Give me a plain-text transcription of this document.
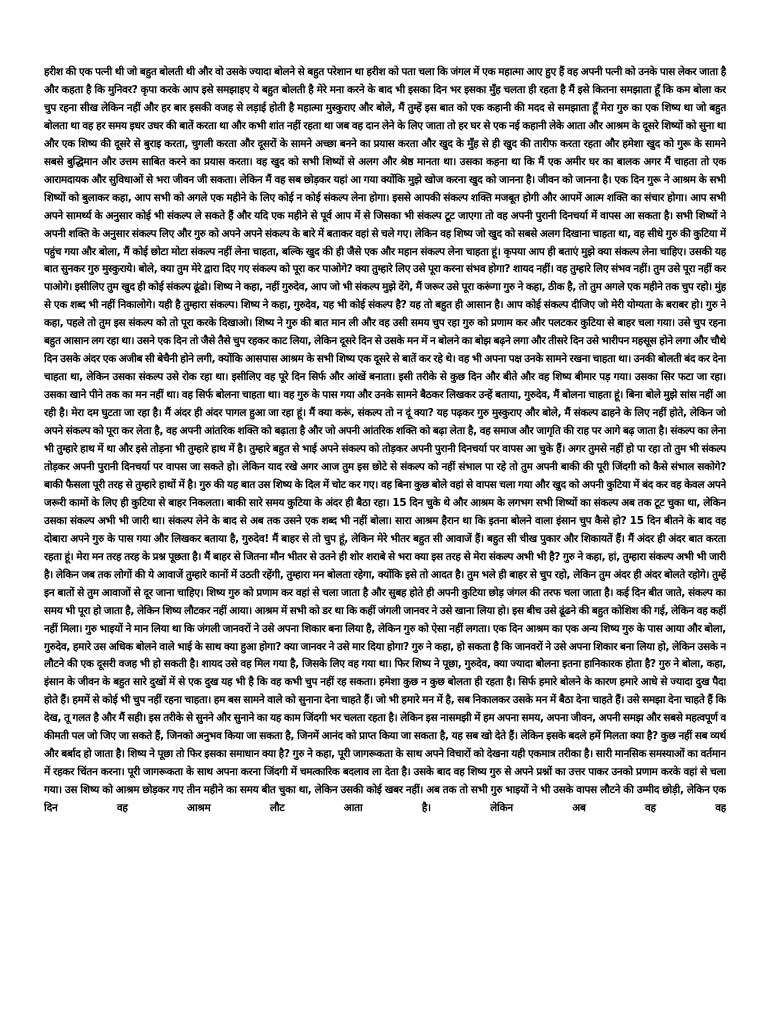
हरीश की एक पत्नी थी जो बहुत बोलती थी और वो उसके ज्यादा बोलने से बहुत परेशान था हरीश को पता चला कि जंगल में एक महात्मा आए हुए हैं वह अपनी पत्नी को उनके पास लेकर जाता है और कहता है कि मुनिवर? कृपा करके आप इसे समझाइए ये बहुत बोलती है मेरे मना करने के बाद भी इसका दिन भर इसका मुँह चलता ही रहता है मैं इसे कितना समझाता हूँ कि कम बोला कर चुप रहना सीख लेकिन नहीं और हर बार इसकी वजह से लड़ाई होती है महात्मा मुस्कुराए और बोले, मैं तुम्हें इस बात को एक कहानी की मदद से समझाता हूँ मेरा गुरु का एक शिष्य था जो बहुत बोलता था वह हर समय इधर उधर की बातें करता था और कभी शांत नहीं रहता था जब वह दान लेने के लिए जाता तो हर घर से एक नई कहानी लेके आता और आश्रम के दूसरे शिष्यों को सुना था और एक शिष्य की दूसरे से बुराइ करता, चुगली करता और दूसरों के सामने अच्छा बनने का प्रयास करता और खुद के मुँह से ही खुद की तारीफ करता रहता और हमेशा खुद को गुरू के सामने सबसे बुद्धिमान और उत्तम साबित करने का प्रयास करता। वह खुद को सभी शिष्यों से अलग और श्रेष्ठ मानता था। उसका कहना था कि मैं एक अमीर घर का बालक अगर मैं चाहता तो एक आरामदायक और सुविधाओं से भरा जीवन जी सकता। लेकिन मैं वह सब छोड़कर यहां आ गया क्योंकि मुझे खोज करना खुद को जानना है। जीवन को जानना है। एक दिन गुरू ने आश्रम के सभी शिष्यों को बुलाकर कहा, आप सभी को अगले एक महीने के लिए कोई न कोई संकल्प लेना होगा। इससे आपकी संकल्प शक्ति मजबूत होगी और आपमें आत्म शक्ति का संचार होगा। आप सभी अपने सामर्थ्य के अनुसार कोई भी संकल्प ले सकते हैं और यदि एक महीने से पूर्व आप में से जिसका भी संकल्प टूट जाएगा तो वह अपनी पुरानी दिनचर्या में वापस आ सकता है। सभी शिष्यों ने अपनी शक्ति के अनुसार संकल्प लिए और गुरु को अपने अपने संकल्प के बारे में बताकर वहां से चले गए। लेकिन वह शिष्य जो खुद को सबसे अलग दिखाना चाहता था, वह सीधे गुरु की कुटिया में पहुंच गया और बोला, मैं कोई छोटा मोटा संकल्प नहीं लेना चाहता, बल्कि खुद की ही जैसे एक और महान संकल्प लेना चाहता हूं। कृपया आप ही बताएं मुझे क्या संकल्प लेना चाहिए। उसकी यह बात सुनकर गुरु मुस्कुराये। बोले, क्या तुम मेरे द्वारा दिए गए संकल्प को पूरा कर पाओगे? क्या तुम्हारे लिए उसे पूरा करना संभव होगा? शायद नहीं। वह तुम्हारे लिए संभव नहीं। तुम उसे पूरा नहीं कर पाओगे। इसीलिए तुम खुद ही कोई संकल्प ढूंढो। शिष्य ने कहा, नहीं गुरुदेव, आप जो भी संकल्प मुझे देंगे, मैं जरूर उसे पूरा करूंगा गुरु ने कहा, ठीक है, तो तुम अगले एक महीने तक चुप रहो। मुंह से एक शब्द भी नहीं निकालोगे। यही है तुम्हारा संकल्प। शिष्य ने कहा, गुरुदेव, यह भी कोई संकल्प है? यह तो बहुत ही आसान है। आप कोई संकल्प दीजिए जो मेरी योग्यता के बराबर हो। गुरु ने कहा, पहले तो तुम इस संकल्प को तो पूरा करके दिखाओ। शिष्य ने गुरु की बात मान ली और वह उसी समय चुप रहा गुरु को प्रणाम कर और पलटकर कुटिया से बाहर चला गया। उसे चुप रहना बहुत आसान लग रहा था। उसने एक दिन तो जैसे तैसे चुप रहकर काट लिया, लेकिन दूसरे दिन से उसके मन में न बोलने का बोझ बढ़ने लगा और तीसरे दिन उसे भारीपन महसूस होने लगा और चौथे दिन उसके अंदर एक अजीब सी बेचैनी होने लगी, क्योंकि आसपास आश्रम के सभी शिष्य एक दूसरे से बातें कर रहे थे। वह भी अपना पक्ष उनके सामने रखना चाहता था। उनकी बोलती बंद कर देना चाहता था, लेकिन उसका संकल्प उसे रोक रहा था। इसीलिए वह पूरे दिन सिर्फ और आंखें बनाता। इसी तरीके से कुछ दिन और बीते और वह शिष्य बीमार पड़ गया। उसका सिर फटा जा रहा। उसका खाने पीने तक का मन नहीं था। वह सिर्फ बोलना चाहता था। वह गुरु के पास गया और उनके सामने बैठकर लिखकर उन्हें बताया, गुरुदेव, मैं बोलना चाहता हूं। बिना बोले मुझे सांस नहीं आ रही है। मेरा दम घुटता जा रहा है। मैं अंदर ही अंदर पागल हुआ जा रहा हूं। मैं क्या करूं, संकल्प तो न दूं क्या? यह पढ़कर गुरु मुस्कुराए और बोले, मैं संकल्प ढाहने के लिए नहीं होते, लेकिन जो अपने संकल्प को पूरा कर लेता है, वह अपनी आंतरिक शक्ति को बढ़ाता है और जो अपनी आंतरिक शक्ति को बढ़ा लेता है, वह समाज और जागृति की राह पर आगे बढ़ जाता है। संकल्प का लेना भी तुम्हारे हाथ में था और इसे तोड़ना भी तुम्हारे हाथ में है। तुम्हारे बहुत से भाई अपने संकल्प को तोड़कर अपनी पुरानी दिनचर्या पर वापस आ चुके हैं। अगर तुमसे नहीं हो पा रहा तो तुम भी संकल्प तोड़कर अपनी पुरानी दिनचर्या पर वापस जा सकते हो। लेकिन याद रखे अगर आज तुम इस छोटे से संकल्प को नहीं संभाल पा रहे तो तुम अपनी बाकी की पूरी जिंदगी को कैसे संभाल सकोगे? बाकी फैसला पूरी तरह से तुम्हारे हाथों में है। गुरु की यह बात उस शिष्य के दिल में चोट कर गए। वह बिना कुछ बोले वहां से वापस चला गया और खुद को अपनी कुटिया में बंद कर वह केवल अपने जरूरी कामों के लिए ही कुटिया से बाहर निकलता। बाकी सारे समय कुटिया के अंदर ही बैठा रहा। 15 दिन चुके थे और आश्रम के लगभग सभी शिष्यों का संकल्प अब तक टूट चुका था, लेकिन उसका संकल्प अभी भी जारी था। संकल्प लेने के बाद से अब तक उसने एक शब्द भी नहीं बोला। सारा आश्रम हैरान था कि इतना बोलने वाला इंसान चुप कैसे हो? 15 दिन बीतने के बाद वह दोबारा अपने गुरु के पास गया और लिखकर बताया है, गुरुदेव! मैं बाहर से तो चुप हूं, लेकिन मेरे भीतर बहुत सी आवाजें हैं। बहुत सी चीख पुकार और शिकायतें हैं। मैं अंदर ही अंदर बात करता रहता हूं। मेरा मन तरह तरह के प्रश्न पूछता है। मैं बाहर से जितना मौन भीतर से उतने ही शोर शराबे से भरा क्या इस तरह से मेरा संकल्प अभी भी है? गुरु ने कहा, हां, तुम्हारा संकल्प अभी भी जारी है। लेकिन जब तक लोगों की ये आवाजें तुम्हारे कानों में उठती रहेंगी, तुम्हारा मन बोलता रहेगा, क्योंकि इसे तो आदत है। तुम भले ही बाहर से चुप रहो, लेकिन तुम अंदर ही अंदर बोलते रहोगे। तुम्हें इन बातों से तुम आवाजों से दूर जाना चाहिए। शिष्य गुरु को प्रणाम कर वहां से चला जाता है और सुबह होते ही अपनी कुटिया छोड़ जंगल की तरफ चला जाता है। कई दिन बीत जाते, संकल्प का समय भी पूरा हो जाता है, लेकिन शिष्य लौटकर नहीं आया। आश्रम में सभी को डर था कि कहीं जंगली जानवर ने उसे खाना लिया हो। इस बीच उसे ढूंढने की बहुत कोशिश की गई, लेकिन वह कहीं नहीं मिला। गुरु भाइयों ने मान लिया था कि जंगली जानवरों ने उसे अपना शिकार बना लिया है, लेकिन गुरु को ऐसा नहीं लगता। एक दिन आश्रम का एक अन्य शिष्य गुरु के पास आया और बोला, गुरुदेव, हमारे उस अधिक बोलने वाले भाई के साथ क्या हुआ होगा? क्या जानवर ने उसे मार दिया होगा? गुरु ने कहा, हो सकता है कि जानवरों ने उसे अपना शिकार बना लिया हो, लेकिन उसके न लौटने की एक दूसरी वजह भी हो सकती है। शायद उसे वह मिल गया है, जिसके लिए वह गया था। फिर शिष्य ने पूछा, गुरुदेव, क्या ज्यादा बोलना इतना हानिकारक होता है? गुरु ने बोला, कहा, इंसान के जीवन के बहुत सारे दुखों में से एक दुख यह भी है कि वह कभी चुप नहीं रह सकता। हमेशा कुछ न कुछ बोलता ही रहता है। सिर्फ हमारे बोलने के कारण हमारे आधे से ज्यादा दुख पैदा होते हैं। हममें से कोई भी चुप नहीं रहना चाहता। हम बस सामने वाले को सुनाना देना चाहते हैं। जो भी हमारे मन में है, सब निकालकर उसके मन में बैठा देना चाहते हैं। उसे समझा देना चाहते हैं कि देख, तू गलत है और मैं सही। इस तरीके से सुनने और सुनाने का यह काम जिंदगी भर चलता रहता है। लेकिन इस नासमझी में हम अपना समय, अपना जीवन, अपनी समझ और सबसे महत्वपूर्ण व कीमती पल जो जिए जा सकते हैं, जिनको अनुभव किया जा सकता है, जिनमें आनंद को प्राप्त किया जा सकता है, यह सब खो देते हैं। लेकिन इसके बदले हमें मिलता क्या है? कुछ नहीं सब व्यर्थ और बर्बाद हो जाता है। शिष्य ने पूछा तो फिर इसका समाधान क्या है? गुरु ने कहा, पूरी जागरूकता के साथ अपने विचारों को देखना यही एकमात्र तरीका है। सारी मानसिक समस्याओं का वर्तमान में रहकर चिंतन करना। पूरी जागरूकता के साथ अपना करना जिंदगी में चमत्कारिक बदलाव ला देता है। उसके बाद वह शिष्य गुरु से अपने प्रश्नों का उत्तर पाकर उनको प्रणाम करके वहां से चला गया। उस शिष्य को आश्रम छोड़कर गए तीन महीने का समय बीत चुका था, लेकिन उसकी कोई खबर नहीं। अब तक तो सभी गुरु भाइयों ने भी उसके वापस लौटने की उम्मीद छोड़ी, लेकिन एक दिन वह आश्रम लौट आता है। लेकिन अब वह वह
